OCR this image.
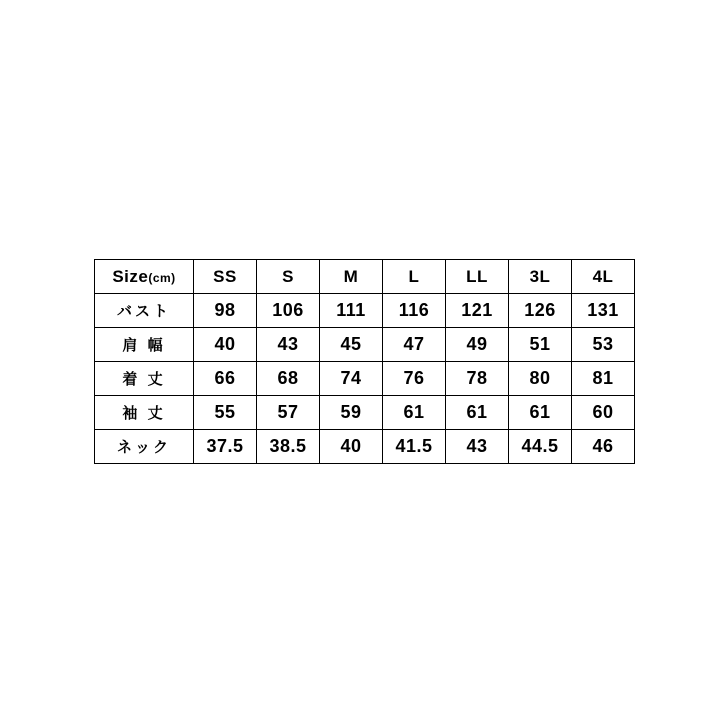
Size(cm)	SS	S	M	L	LL	3L	4L
バスト	98	106	111	116	121	126	131
肩 幅	40	43	45	47	49	51	53
着 丈	66	68	74	76	78	80	81
袖 丈	55	57	59	61	61	61	60
ネック	37.5	38.5	40	41.5	43	44.5	46
